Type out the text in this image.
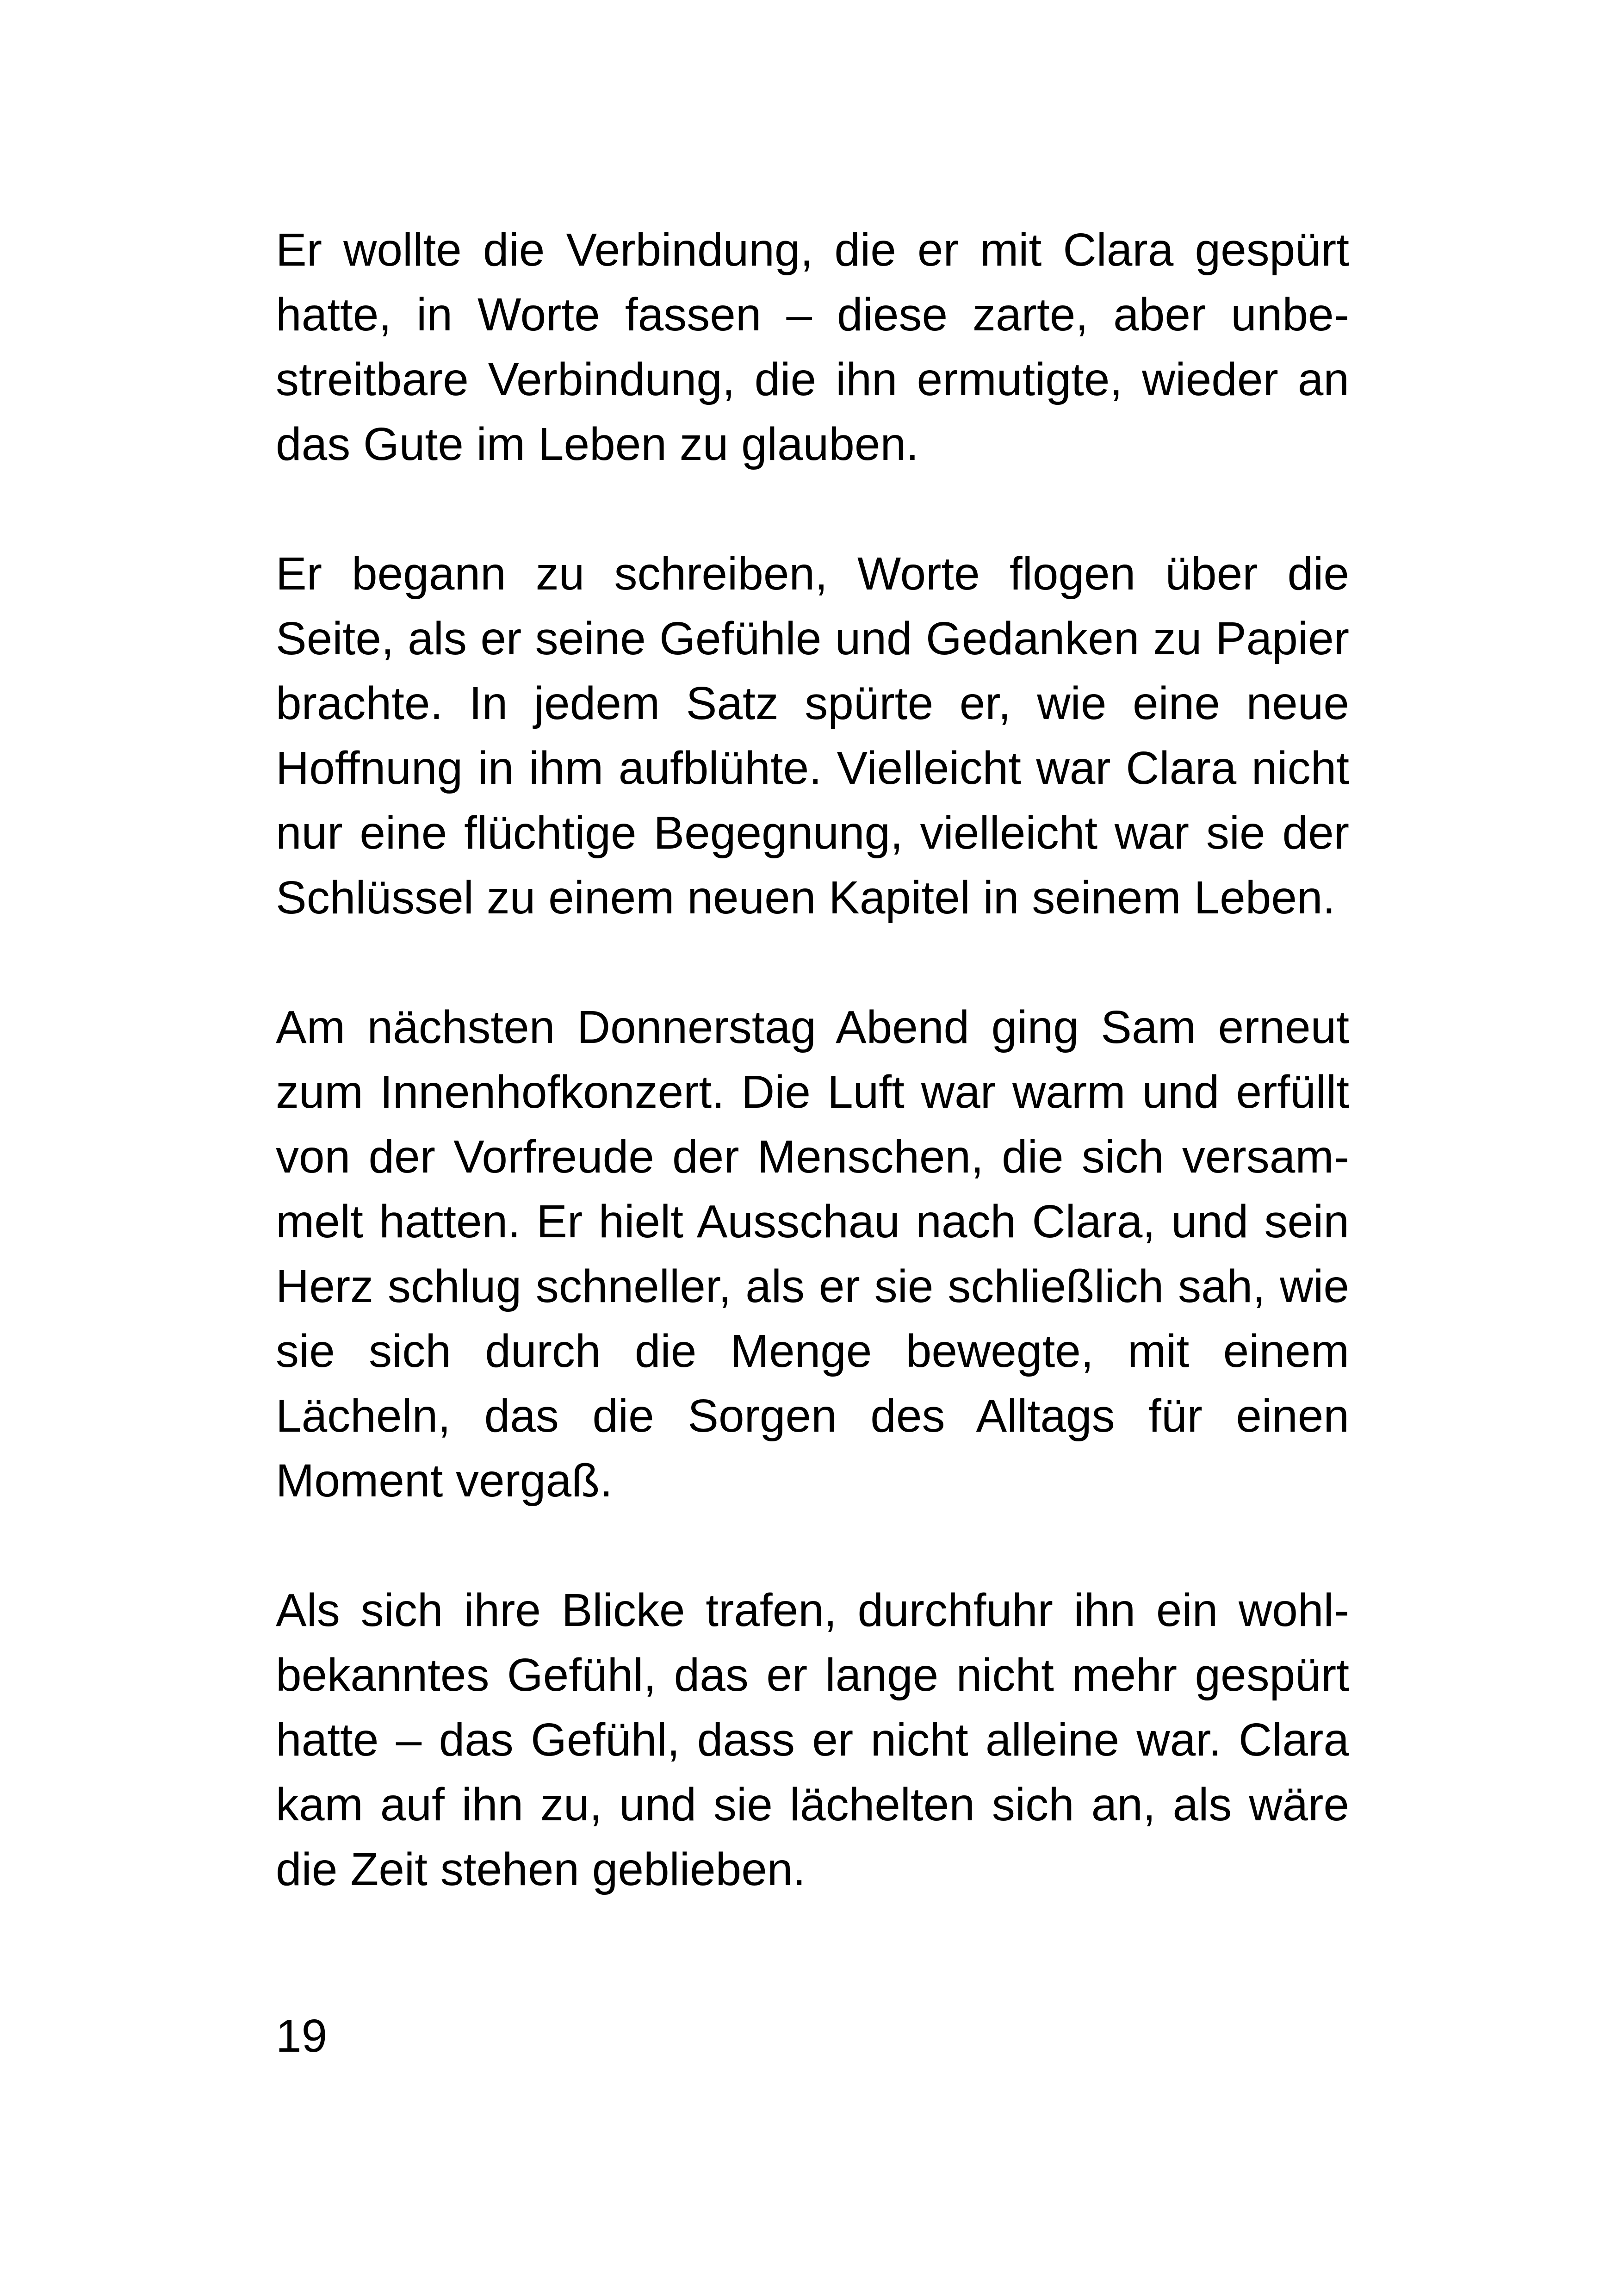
Er wollte die Verbindung, die er mit Clara gespürt
hatte, in Worte fassen – diese zarte, aber unbe-
streitbare Verbindung, die ihn ermutigte, wieder an
das Gute im Leben zu glauben.
Er begann zu schreiben, Worte flogen über die
Seite, als er seine Gefühle und Gedanken zu Papier
brachte. In jedem Satz spürte er, wie eine neue
Hoffnung in ihm aufblühte. Vielleicht war Clara nicht
nur eine flüchtige Begegnung, vielleicht war sie der
Schlüssel zu einem neuen Kapitel in seinem Leben.
Am nächsten Donnerstag Abend ging Sam erneut
zum Innenhofkonzert. Die Luft war warm und erfüllt
von der Vorfreude der Menschen, die sich versam-
melt hatten. Er hielt Ausschau nach Clara, und sein
Herz schlug schneller, als er sie schließlich sah, wie
sie sich durch die Menge bewegte, mit einem
Lächeln, das die Sorgen des Alltags für einen
Moment vergaß.
Als sich ihre Blicke trafen, durchfuhr ihn ein wohl-
bekanntes Gefühl, das er lange nicht mehr gespürt
hatte – das Gefühl, dass er nicht alleine war. Clara
kam auf ihn zu, und sie lächelten sich an, als wäre
die Zeit stehen geblieben.
19
